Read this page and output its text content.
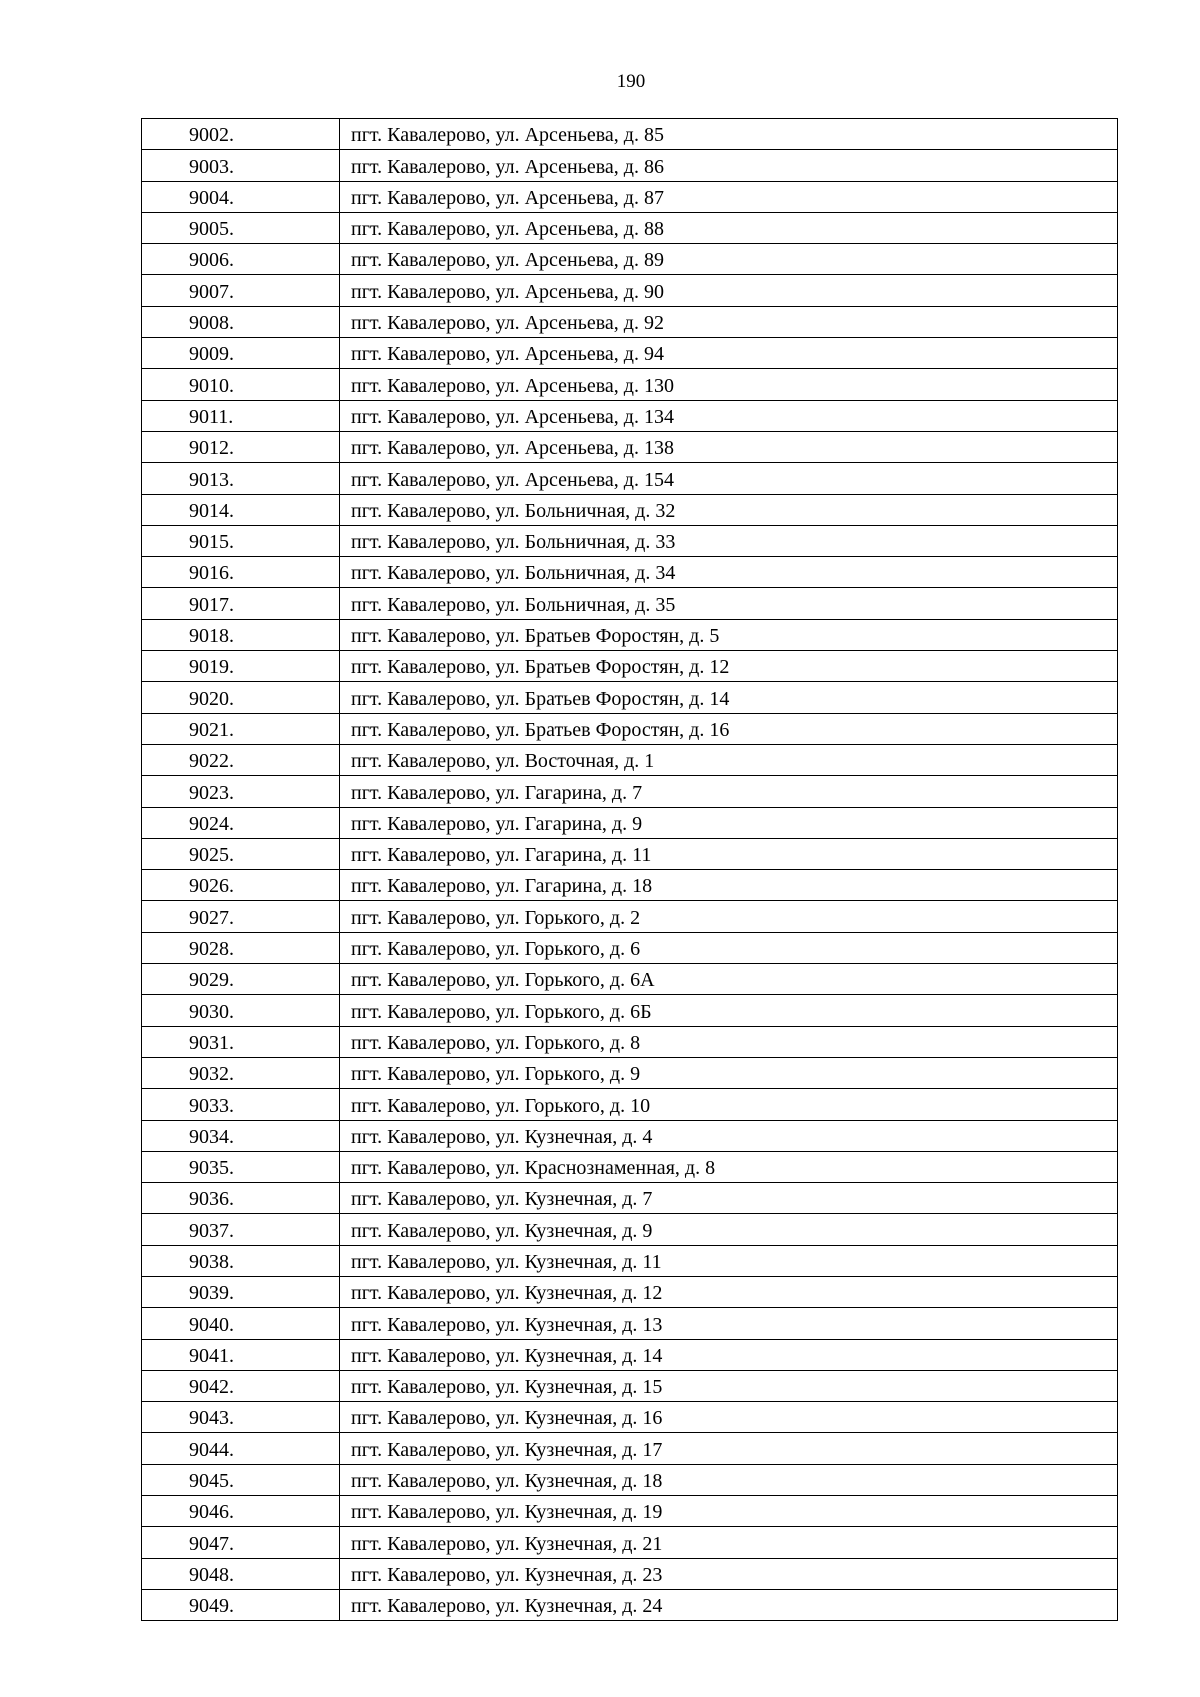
190
9002.	пгт. Кавалерово, ул. Арсеньева, д. 85
9003.	пгт. Кавалерово, ул. Арсеньева, д. 86
9004.	пгт. Кавалерово, ул. Арсеньева, д. 87
9005.	пгт. Кавалерово, ул. Арсеньева, д. 88
9006.	пгт. Кавалерово, ул. Арсеньева, д. 89
9007.	пгт. Кавалерово, ул. Арсеньева, д. 90
9008.	пгт. Кавалерово, ул. Арсеньева, д. 92
9009.	пгт. Кавалерово, ул. Арсеньева, д. 94
9010.	пгт. Кавалерово, ул. Арсеньева, д. 130
9011.	пгт. Кавалерово, ул. Арсеньева, д. 134
9012.	пгт. Кавалерово, ул. Арсеньева, д. 138
9013.	пгт. Кавалерово, ул. Арсеньева, д. 154
9014.	пгт. Кавалерово, ул. Больничная, д. 32
9015.	пгт. Кавалерово, ул. Больничная, д. 33
9016.	пгт. Кавалерово, ул. Больничная, д. 34
9017.	пгт. Кавалерово, ул. Больничная, д. 35
9018.	пгт. Кавалерово, ул. Братьев Форостян, д. 5
9019.	пгт. Кавалерово, ул. Братьев Форостян, д. 12
9020.	пгт. Кавалерово, ул. Братьев Форостян, д. 14
9021.	пгт. Кавалерово, ул. Братьев Форостян, д. 16
9022.	пгт. Кавалерово, ул. Восточная, д. 1
9023.	пгт. Кавалерово, ул. Гагарина, д. 7
9024.	пгт. Кавалерово, ул. Гагарина, д. 9
9025.	пгт. Кавалерово, ул. Гагарина, д. 11
9026.	пгт. Кавалерово, ул. Гагарина, д. 18
9027.	пгт. Кавалерово, ул. Горького, д. 2
9028.	пгт. Кавалерово, ул. Горького, д. 6
9029.	пгт. Кавалерово, ул. Горького, д. 6А
9030.	пгт. Кавалерово, ул. Горького, д. 6Б
9031.	пгт. Кавалерово, ул. Горького, д. 8
9032.	пгт. Кавалерово, ул. Горького, д. 9
9033.	пгт. Кавалерово, ул. Горького, д. 10
9034.	пгт. Кавалерово, ул. Кузнечная, д. 4
9035.	пгт. Кавалерово, ул. Краснознаменная, д. 8
9036.	пгт. Кавалерово, ул. Кузнечная, д. 7
9037.	пгт. Кавалерово, ул. Кузнечная, д. 9
9038.	пгт. Кавалерово, ул. Кузнечная, д. 11
9039.	пгт. Кавалерово, ул. Кузнечная, д. 12
9040.	пгт. Кавалерово, ул. Кузнечная, д. 13
9041.	пгт. Кавалерово, ул. Кузнечная, д. 14
9042.	пгт. Кавалерово, ул. Кузнечная, д. 15
9043.	пгт. Кавалерово, ул. Кузнечная, д. 16
9044.	пгт. Кавалерово, ул. Кузнечная, д. 17
9045.	пгт. Кавалерово, ул. Кузнечная, д. 18
9046.	пгт. Кавалерово, ул. Кузнечная, д. 19
9047.	пгт. Кавалерово, ул. Кузнечная, д. 21
9048.	пгт. Кавалерово, ул. Кузнечная, д. 23
9049.	пгт. Кавалерово, ул. Кузнечная, д. 24
